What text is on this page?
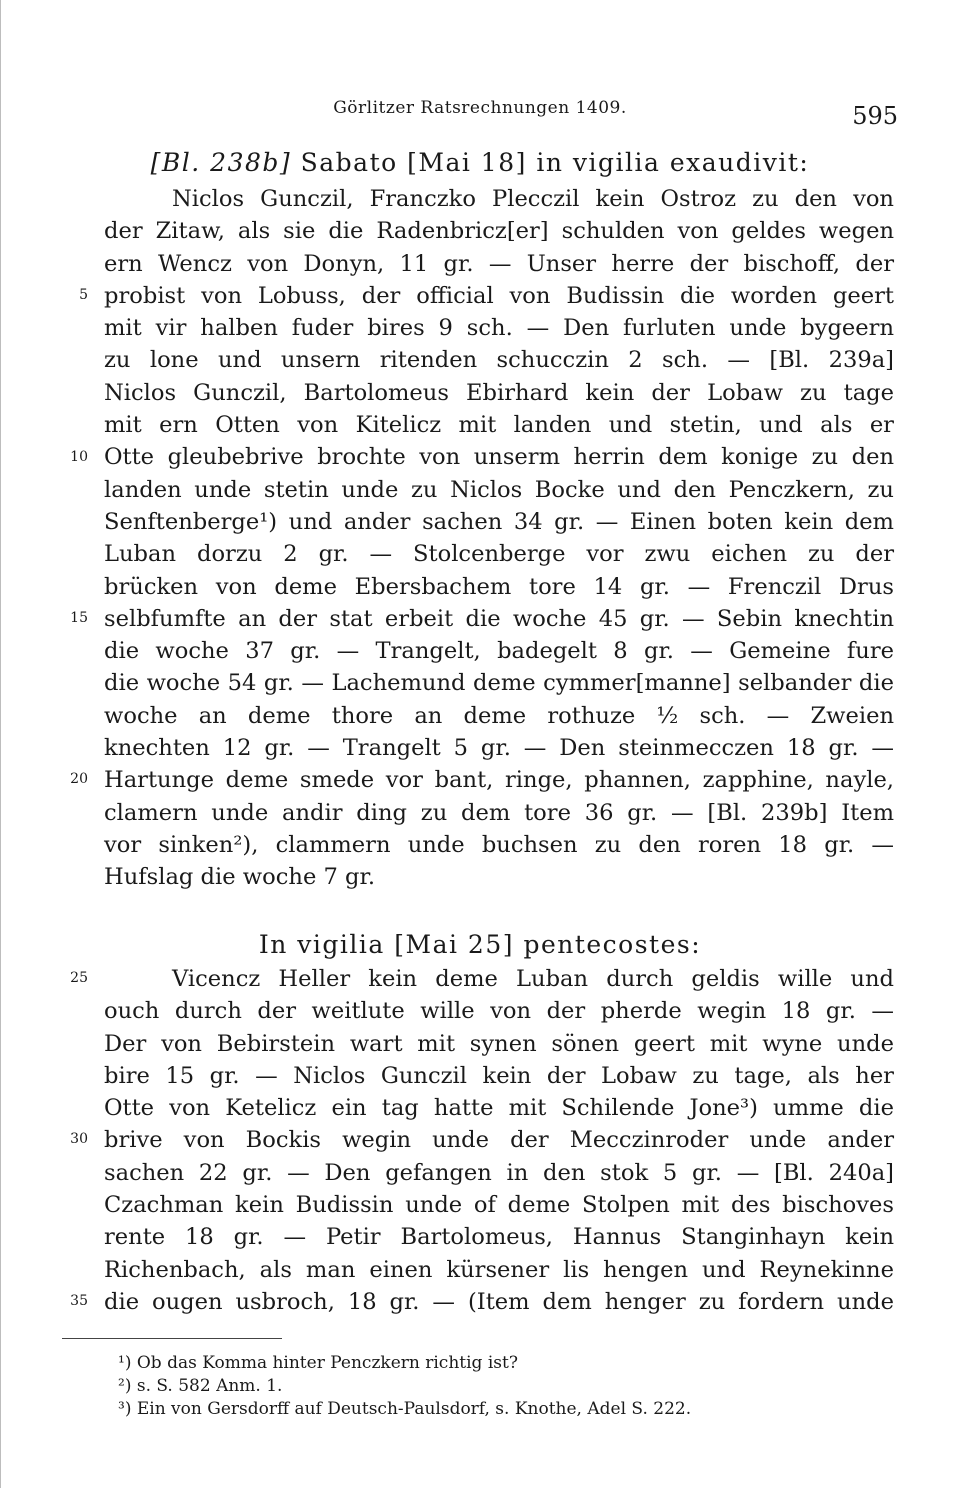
Görlitzer Ratsrechnungen 1409.	595
[Bl. 238b] Sabato [Mai 18] in vigilia exaudivit:
Niclos Gunczil, Franczko Plecczil kein Ostroz zu den von
der Zitaw, als sie die Radenbricz[er] schulden von geldes wegen
ern Wencz von Donyn, 11 gr. — Unser herre der bischoff, der
probist von Lobuss, der official von Budissin die worden geert
mit vir halben fuder bires 9 sch. — Den furluten unde bygeern
zu lone und unsern ritenden schucczin 2 sch. — [Bl. 239a]
Niclos Gunczil, Bartolomeus Ebirhard kein der Lobaw zu tage
mit ern Otten von Kitelicz mit landen und stetin, und als er
Otte gleubebrive brochte von unserm herrin dem konige zu den
landen unde stetin unde zu Niclos Bocke und den Penczkern, zu
Senftenberge¹) und ander sachen 34 gr. — Einen boten kein dem
Luban dorzu 2 gr. — Stolcenberge vor zwu eichen zu der
brücken von deme Ebersbachem tore 14 gr. — Frenczil Drus
selbfumfte an der stat erbeit die woche 45 gr. — Sebin knechtin
die woche 37 gr. — Trangelt, badegelt 8 gr. — Gemeine fure
die woche 54 gr. — Lachemund deme cymmer[manne] selbander die
woche an deme thore an deme rothuze ½ sch. — Zweien
knechten 12 gr. — Trangelt 5 gr. — Den steinmecczen 18 gr. —
Hartunge deme smede vor bant, ringe, phannen, zapphine, nayle,
clamern unde andir ding zu dem tore 36 gr. — [Bl. 239b] Item
vor sinken²), clammern unde buchsen zu den roren 18 gr. —
Hufslag die woche 7 gr.
In vigilia [Mai 25] pentecostes:
Vicencz Heller kein deme Luban durch geldis wille und
ouch durch der weitlute wille von der pherde wegin 18 gr. —
Der von Bebirstein wart mit synen sönen geert mit wyne unde
bire 15 gr. — Niclos Gunczil kein der Lobaw zu tage, als her
Otte von Ketelicz ein tag hatte mit Schilende Jone³) umme die
brive von Bockis wegin unde der Mecczinroder unde ander
sachen 22 gr. — Den gefangen in den stok 5 gr. — [Bl. 240a]
Czachman kein Budissin unde of deme Stolpen mit des bischoves
rente 18 gr. — Petir Bartolomeus, Hannus Stanginhayn kein
Richenbach, als man einen kürsener lis hengen und Reynekinne
die ougen usbroch, 18 gr. — (Item dem henger zu fordern unde
5
10
15
20
25
30
35
¹) Ob das Komma hinter Penczkern richtig ist?
²) s. S. 582 Anm. 1.
³) Ein von Gersdorff auf Deutsch-Paulsdorf, s. Knothe, Adel S. 222.
